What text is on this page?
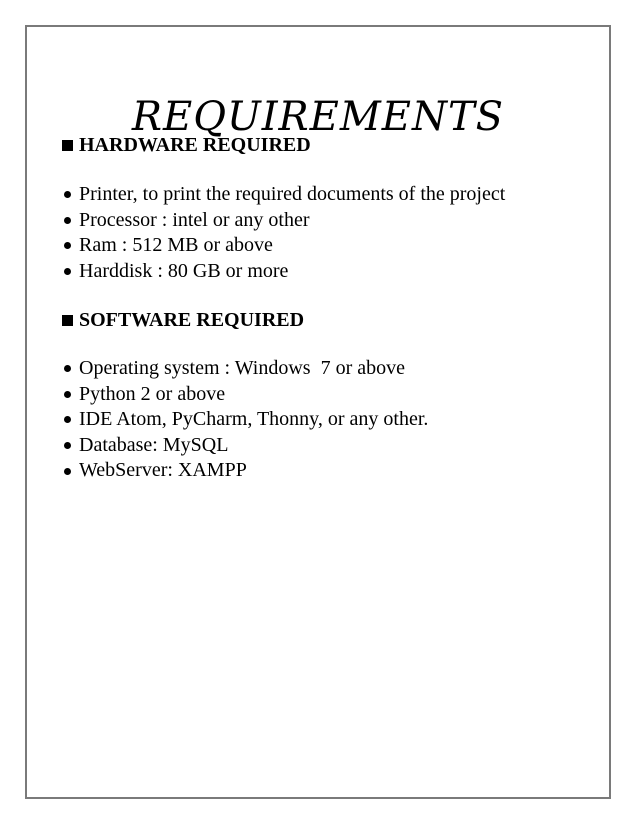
REQUIREMENTS
HARDWARE REQUIRED
Printer, to print the required documents of the project
Processor : intel or any other
Ram : 512 MB or above
Harddisk : 80 GB or more
SOFTWARE REQUIRED
Operating system : Windows  7 or above
Python 2 or above
IDE Atom, PyCharm, Thonny, or any other.
Database: MySQL
WebServer: XAMPP
